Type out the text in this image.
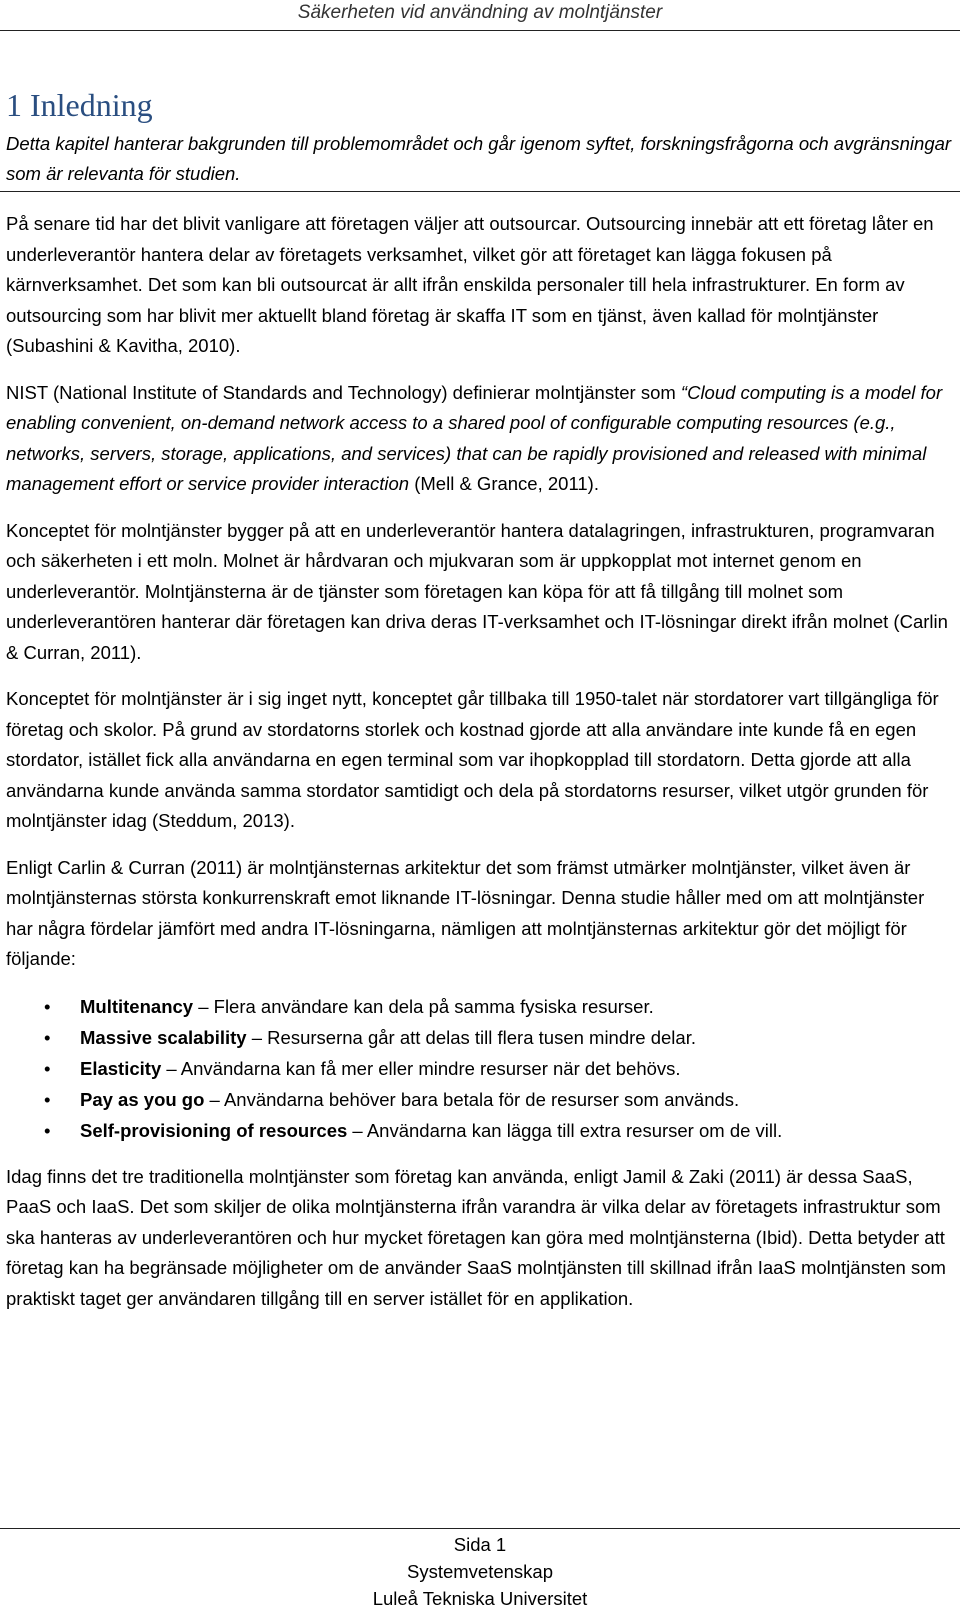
Säkerheten vid användning av molntjänster
1 Inledning

Detta kapitel hanterar bakgrunden till problemområdet och går igenom syftet, forskningsfrågorna och avgränsningar som är relevanta för studien.

På senare tid har det blivit vanligare att företagen väljer att outsourcar. Outsourcing innebär att ett företag låter en underleverantör hantera delar av företagets verksamhet, vilket gör att företaget kan lägga fokusen på kärnverksamhet. Det som kan bli outsourcat är allt ifrån enskilda personaler till hela infrastrukturer. En form av outsourcing som har blivit mer aktuellt bland företag är skaffa IT som en tjänst, även kallad för molntjänster (Subashini & Kavitha, 2010).

NIST (National Institute of Standards and Technology) definierar molntjänster som “Cloud computing is a model for enabling convenient, on-demand network access to a shared pool of configurable computing resources (e.g., networks, servers, storage, applications, and services) that can be rapidly provisioned and released with minimal management effort or service provider interaction (Mell & Grance, 2011).

Konceptet för molntjänster bygger på att en underleverantör hantera datalagringen, infrastrukturen, programvaran och säkerheten i ett moln. Molnet är hårdvaran och mjukvaran som är uppkopplat mot internet genom en underleverantör. Molntjänsterna är de tjänster som företagen kan köpa för att få tillgång till molnet som underleverantören hanterar där företagen kan driva deras IT-verksamhet och IT-lösningar direkt ifrån molnet (Carlin & Curran, 2011).

Konceptet för molntjänster är i sig inget nytt, konceptet går tillbaka till 1950-talet när stordatorer vart tillgängliga för företag och skolor. På grund av stordatorns storlek och kostnad gjorde att alla användare inte kunde få en egen stordator, istället fick alla användarna en egen terminal som var ihopkopplad till stordatorn. Detta gjorde att alla användarna kunde använda samma stordator samtidigt och dela på stordatorns resurser, vilket utgör grunden för molntjänster idag (Steddum, 2013).

Enligt Carlin & Curran (2011) är molntjänsternas arkitektur det som främst utmärker molntjänster, vilket även är molntjänsternas största konkurrenskraft emot liknande IT-lösningar. Denna studie håller med om att molntjänster har några fördelar jämfört med andra IT-lösningarna, nämligen att molntjänsternas arkitektur gör det möjligt för följande:

• Multitenancy – Flera användare kan dela på samma fysiska resurser.
• Massive scalability – Resurserna går att delas till flera tusen mindre delar.
• Elasticity – Användarna kan få mer eller mindre resurser när det behövs.
• Pay as you go – Användarna behöver bara betala för de resurser som används.
• Self-provisioning of resources – Användarna kan lägga till extra resurser om de vill.

Idag finns det tre traditionella molntjänster som företag kan använda, enligt Jamil & Zaki (2011) är dessa SaaS, PaaS och IaaS. Det som skiljer de olika molntjänsterna ifrån varandra är vilka delar av företagets infrastruktur som ska hanteras av underleverantören och hur mycket företagen kan göra med molntjänsterna (Ibid). Detta betyder att företag kan ha begränsade möjligheter om de använder SaaS molntjänsten till skillnad ifrån IaaS molntjänsten som praktiskt taget ger användaren tillgång till en server istället för en applikation.

Sida 1
Systemvetenskap
Luleå Tekniska Universitet
